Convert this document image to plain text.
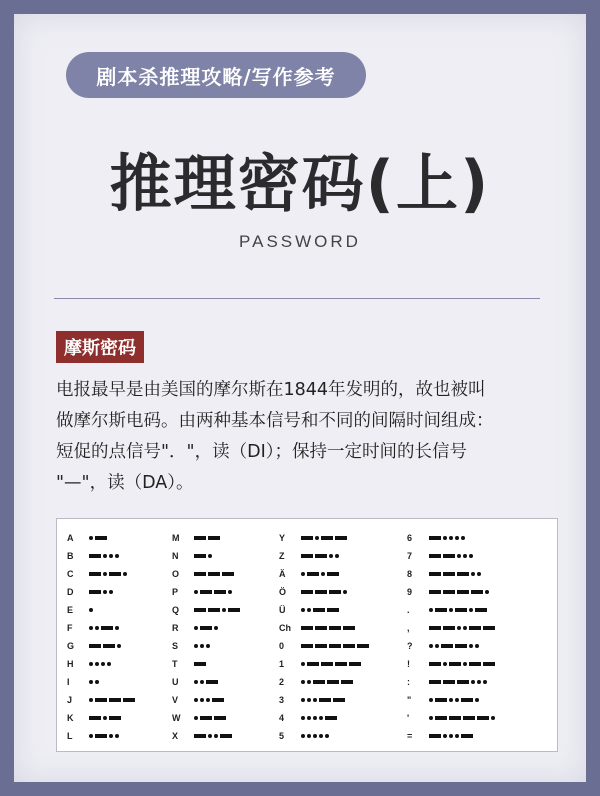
剧本杀推理攻略/写作参考
推理密码(上)
PASSWORD
摩斯密码
电报最早是由美国的摩尔斯在1844年发明的，故也被叫
做摩尔斯电码。由两种基本信号和不同的间隔时间组成：
短促的点信号"．"，读（DI）；保持一定时间的长信号
"—"，读（DA）。
A
B
C
D
E
F
G
H
I
J
K
L
M
N
O
P
Q
R
S
T
U
V
W
X
Y
Z
Ä
Ö
Ü
Ch
0
1
2
3
4
5
6
7
8
9
.
,
?
!
:
"
'
=
